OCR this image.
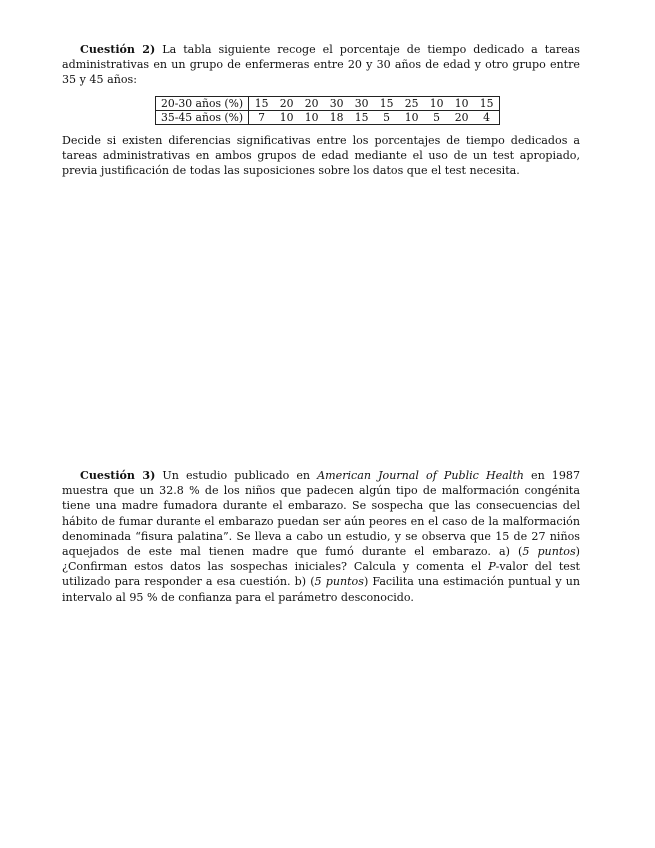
Cuestión 2) La tabla siguiente recoge el porcentaje de tiempo dedicado a tareas administrativas en un grupo de enfermeras entre 20 y 30 años de edad y otro grupo entre 35 y 45 años:

20-30 años (%)	15	20	20	30	30	15	25	10	10	15
35-45 años (%)	7	10	10	18	15	5	10	5	20	4

Decide si existen diferencias significativas entre los porcentajes de tiempo dedicados a tareas administrativas en ambos grupos de edad mediante el uso de un test apropiado, previa justificación de todas las suposiciones sobre los datos que el test necesita.

Cuestión 3) Un estudio publicado en American Journal of Public Health en 1987 muestra que un 32.8 % de los niños que padecen algún tipo de malformación congénita tiene una madre fumadora durante el embarazo. Se sospecha que las consecuencias del hábito de fumar durante el embarazo puedan ser aún peores en el caso de la malformación denominada “fisura palatina”. Se lleva a cabo un estudio, y se observa que 15 de 27 niños aquejados de este mal tienen madre que fumó durante el embarazo. a) (5 puntos) ¿Confirman estos datos las sospechas iniciales? Calcula y comenta el P-valor del test utilizado para responder a esa cuestión. b) (5 puntos) Facilita una estimación puntual y un intervalo al 95 % de confianza para el parámetro desconocido.
